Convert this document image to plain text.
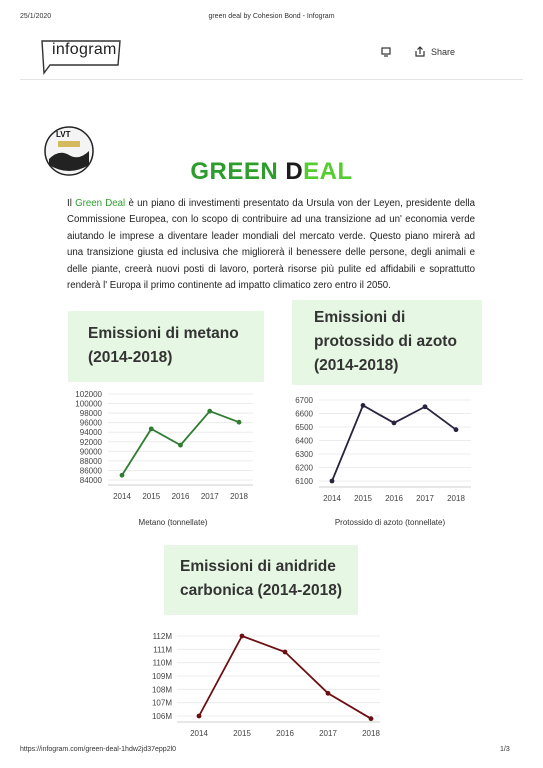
25/1/2020	green deal by Cohesion Bond - Infogram
https://infogram.com/green-deal-1hdw2jd37epp2l0	1/3
infogram	Share
LVT
GREEN DEAL
Il Green Deal è un piano di investimenti presentato da Ursula von der Leyen, presidente della Commissione Europea, con lo scopo di contribuire ad una transizione ad un' economia verde aiutando le imprese a diventare leader mondiali del mercato verde. Questo piano mirerà ad una transizione giusta ed inclusiva che migliorerà il benessere delle persone, degli animali e delle piante, creerà nuovi posti di lavoro, porterà risorse più pulite ed affidabili e soprattutto renderà l' Europa il primo continente ad impatto climatico zero entro il 2050.
Emissioni di metano
(2014-2018)
Emissioni di
protossido di azoto
(2014-2018)
Emissioni di anidride
carbonica (2014-2018)
102000
100000
98000
96000
94000
92000
90000
88000
86000
84000
2014 2015 2016 2017 2018
6700
6600
6500
6400
6300
6200
6100
2014 2015 2016 2017 2018
112M
111M
110M
109M
108M
107M
106M
2014	2015	2016	2017	2018
Metano (tonnellate)	Protossido di azoto (tonnellate)
